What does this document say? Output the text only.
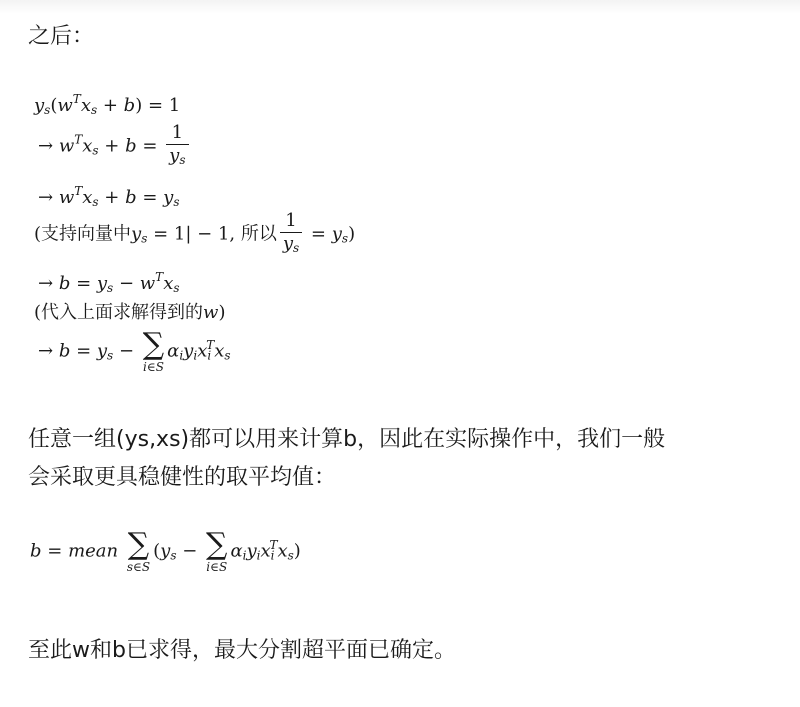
之后：

$y_s(w^Tx_s + b) = 1$
→ $w^Tx_s + b = \frac{1}{y_s}$
→ $w^Tx_s + b = y_s$
(支持向量中$y_s = 1| - 1$, 所以 $\frac{1}{y_s} = y_s$)
→ $b = y_s - w^Tx_s$
(代入上面求解得到的w)
→ $b = y_s$ − ∑
i∈S
$\alpha_iy_ix_i^Tx_s$

任意一组(ys,xs)都可以用来计算b，因此在实际操作中，我们一般
会采取更具稳健性的取平均值：

b = mean ∑
s∈S
($y_s$ − ∑
i∈S
$\alpha_iy_ix_i^Tx_s$)

至此w和b已求得，最大分割超平面已确定。
